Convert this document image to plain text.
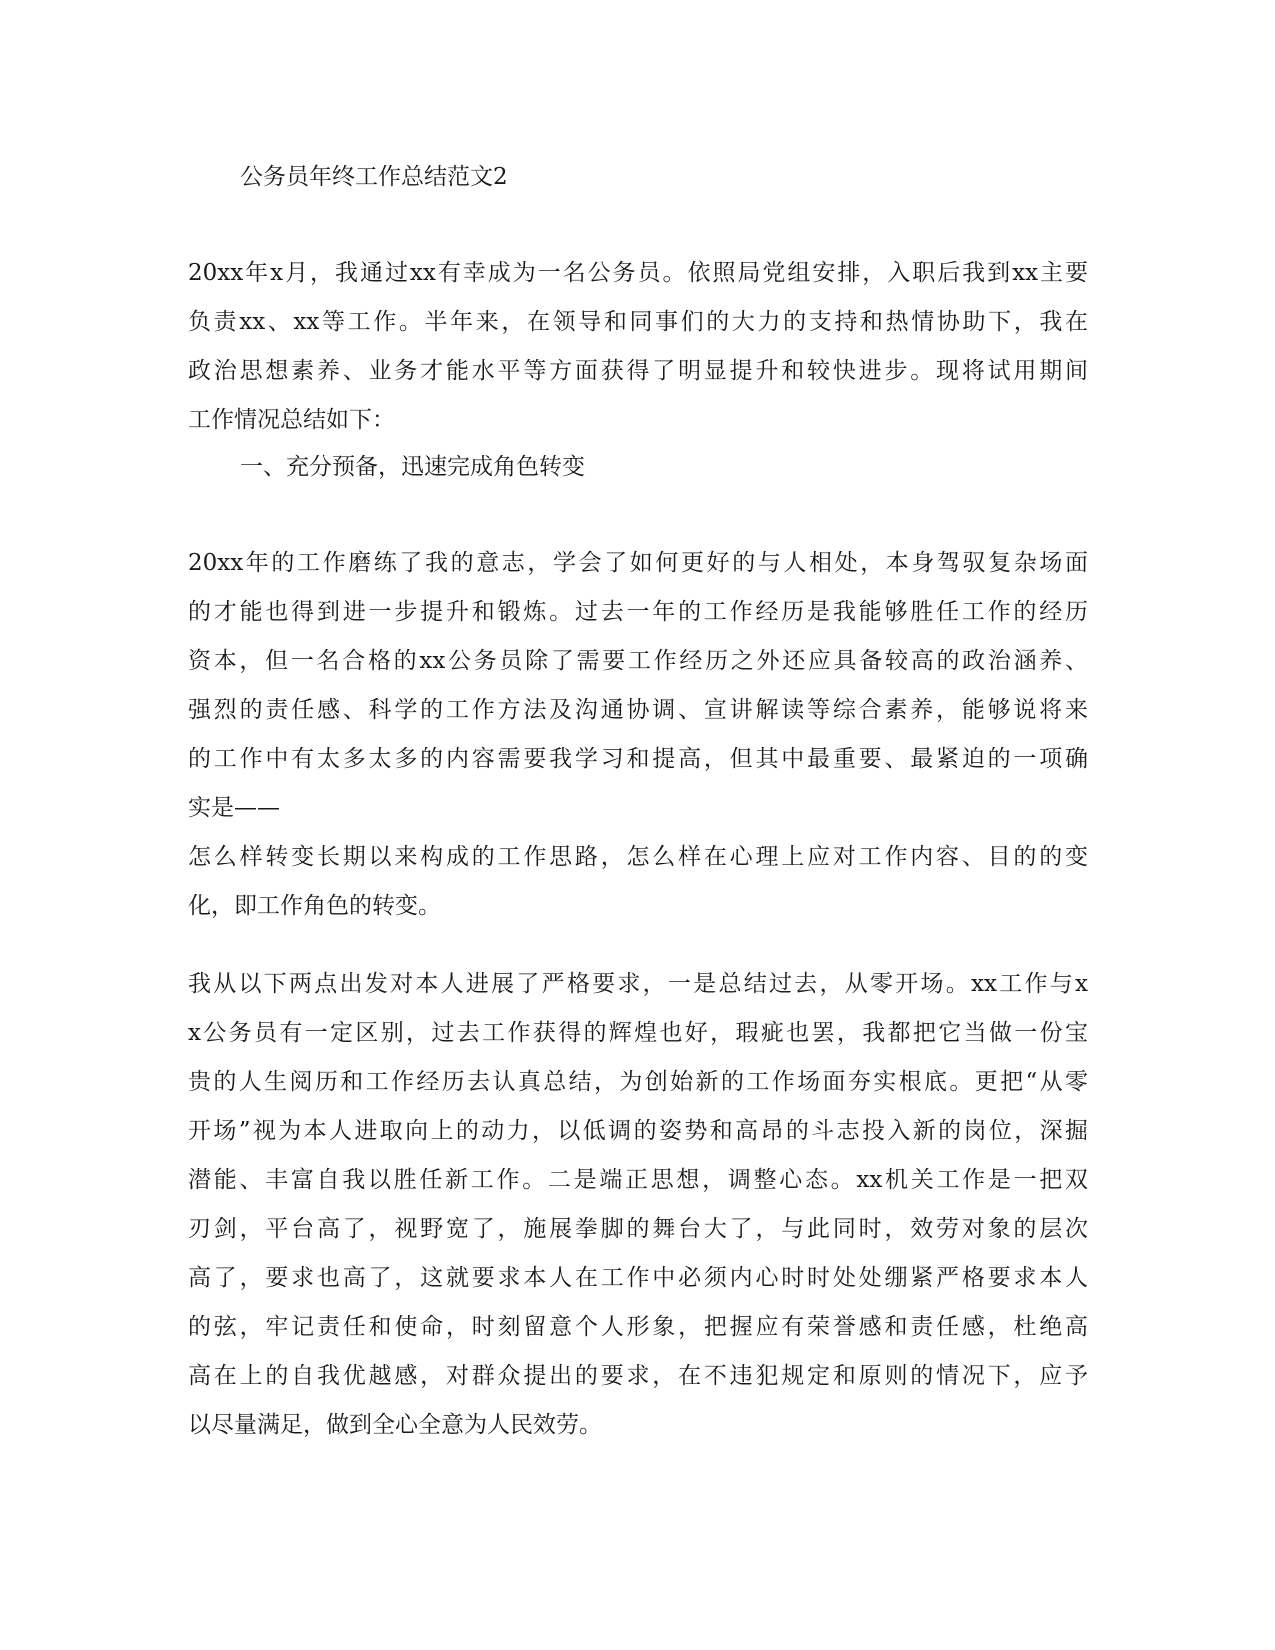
公务员年终工作总结范文2
20xx年x月，我通过xx有幸成为一名公务员。依照局党组安排，入职后我到xx主要
负责xx、xx等工作。半年来，在领导和同事们的大力的支持和热情协助下，我在
政治思想素养、业务才能水平等方面获得了明显提升和较快进步。现将试用期间
工作情况总结如下：
一、充分预备，迅速完成角色转变
20xx年的工作磨练了我的意志，学会了如何更好的与人相处，本身驾驭复杂场面
的才能也得到进一步提升和锻炼。过去一年的工作经历是我能够胜任工作的经历
资本，但一名合格的xx公务员除了需要工作经历之外还应具备较高的政治涵养、
强烈的责任感、科学的工作方法及沟通协调、宣讲解读等综合素养，能够说将来
的工作中有太多太多的内容需要我学习和提高，但其中最重要、最紧迫的一项确
实是——
怎么样转变长期以来构成的工作思路，怎么样在心理上应对工作内容、目的的变
化，即工作角色的转变。
我从以下两点出发对本人进展了严格要求，一是总结过去，从零开场。xx工作与x
x公务员有一定区别，过去工作获得的辉煌也好，瑕疵也罢，我都把它当做一份宝
贵的人生阅历和工作经历去认真总结，为创始新的工作场面夯实根底。更把“从零
开场”视为本人进取向上的动力，以低调的姿势和高昂的斗志投入新的岗位，深掘
潜能、丰富自我以胜任新工作。二是端正思想，调整心态。xx机关工作是一把双
刃剑，平台高了，视野宽了，施展拳脚的舞台大了，与此同时，效劳对象的层次
高了，要求也高了，这就要求本人在工作中必须内心时时处处绷紧严格要求本人
的弦，牢记责任和使命，时刻留意个人形象，把握应有荣誉感和责任感，杜绝高
高在上的自我优越感，对群众提出的要求，在不违犯规定和原则的情况下，应予
以尽量满足，做到全心全意为人民效劳。
